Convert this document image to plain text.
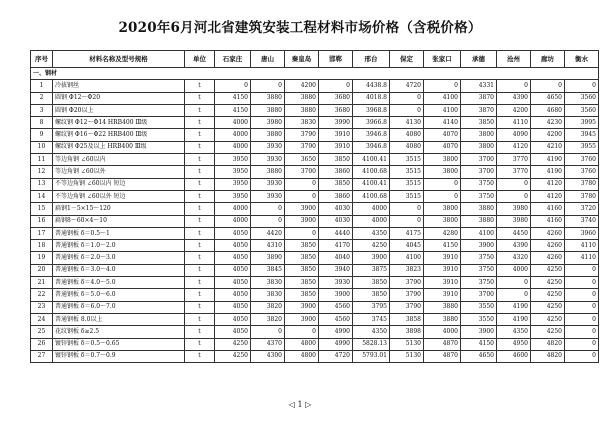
2020年6月河北省建筑安装工程材料市场价格（含税价格）
序号	材料名称及型号规格	单位	石家庄	唐山	秦皇岛	邯郸	邢台	保定	张家口	承德	沧州	廊坊	衡水
一、钢材													
1	冷拔钢丝	t	0	0	4200	0	4438.8	4720	0	4331	0	0	0
2	圆钢 Φ12～Φ20	t	4150	3880	3880	3680	4018.8	0	4100	3870	4390	4650	3560
3	圆钢 Φ20以上	t	4150	3880	3880	3680	3968.8	0	4100	3870	4200	4680	3560
8	螺纹钢 Φ12～Φ14 HRB400 Ⅲ级	t	4000	3980	3830	3990	3966.8	4130	4140	3850	4110	4230	3995
9	螺纹钢 Φ16～Φ22 HRB400 Ⅲ级	t	4000	3880	3790	3910	3946.8	4080	4070	3800	4090	4200	3945
10	螺纹钢 Φ25及以上 HRB400 Ⅲ级	t	4000	3930	3790	3910	3946.8	4080	4070	3800	4120	4210	3955
11	等边角钢 ∠60以内	t	3950	3930	3650	3850	4100.41	3515	3800	3700	3770	4190	3760
12	等边角钢 ∠60以外	t	3950	3880	3700	3860	4100.68	3515	3800	3700	3770	4190	3760
13	不等边角钢 ∠60以内 短边	t	3950	3930	0	3850	4100.41	3515	0	3750	0	4120	3780
14	不等边角钢 ∠60以外 短边	t	3950	3930	0	3860	4100.68	3515	0	3750	0	4120	3780
15	扁钢1－5×15～120	t	4000	0	3900	4030	4000	0	3800	3880	3980	4160	3720
16	扁钢8～60×4～10	t	4000	0	3900	4030	4000	0	3800	3880	3980	4160	3740
17	普通钢板 δ＝0.5～1	t	4050	4420	0	4440	4350	4175	4280	4100	4450	4260	3960
18	普通钢板 δ＝1.0～2.0	t	4050	4310	3850	4170	4250	4045	4150	3900	4390	4260	4110
19	普通钢板 δ＝2.0～3.0	t	4050	3890	3850	4040	3900	4100	3910	3750	4320	4260	4110
20	普通钢板 δ＝3.0～4.0	t	4050	3845	3850	3940	3875	3823	3910	3750	4000	4250	0
21	普通钢板 δ＝4.0～5.0	t	4050	3830	3850	3930	3850	3790	3910	3750	0	4250	0
22	普通钢板 δ＝5.0～6.0	t	4050	3830	3850	3900	3850	3790	3910	3700	0	4250	0
23	普通钢板 δ＝6.0～7.0	t	4050	3820	3900	4560	3795	3790	3880	3550	4190	4250	0
24	普通钢板 8.0以上	t	4050	3820	3900	4560	3745	3858	3880	3550	4190	4250	0
25	花纹钢板 δ≥2.5	t	4050	0	0	4990	4350	3898	4000	3900	4350	4250	0
26	镀锌钢板 δ＝0.5～0.65	t	4250	4370	4800	4990	5828.13	5130	4870	4150	4950	4820	0
27	镀锌钢板 δ＝0.7～0.9	t	4250	4300	4800	4720	5793.01	5130	4870	4650	4600	4820	0
◁ 1 ▷
